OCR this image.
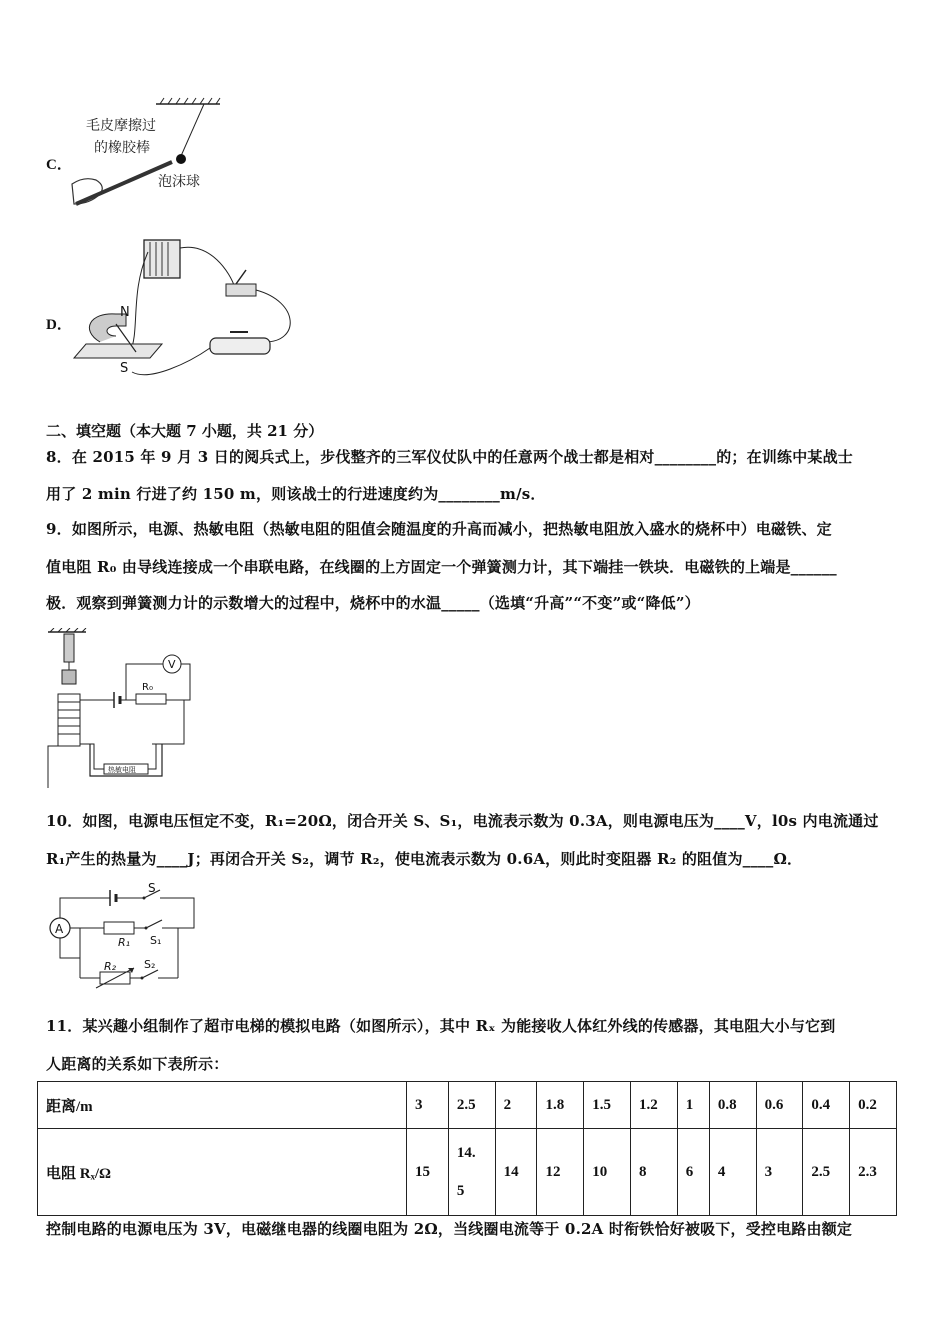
C．
毛皮摩擦过
的橡胶棒
泡沫球
D．
N
S
二、填空题（本大题 7 小题，共 21 分）
8．在 2015 年 9 月 3 日的阅兵式上，步伐整齐的三军仪仗队中的任意两个战士都是相对________的；在训练中某战士
用了 2 min 行进了约 150 m，则该战士的行进速度约为________m/s．
9．如图所示，电源、热敏电阻（热敏电阻的阻值会随温度的升高而减小，把热敏电阻放入盛水的烧杯中）电磁铁、定
值电阻 R₀ 由导线连接成一个串联电路，在线圈的上方固定一个弹簧测力计，其下端挂一铁块．电磁铁的上端是______
极．观察到弹簧测力计的示数增大的过程中，烧杯中的水温_____（选填“升高”“不变”或“降低”）
R₀
V
热敏电阻
10．如图，电源电压恒定不变，R₁=20Ω，闭合开关 S、S₁，电流表示数为 0.3A，则电源电压为____V，l0s 内电流通过
R₁产生的热量为____J；再闭合开关 S₂，调节 R₂，使电流表示数为 0.6A，则此时变阻器 R₂ 的阻值为____Ω．
A
S
R₁ S₁
R₂	S₂
11．某兴趣小组制作了超市电梯的模拟电路（如图所示），其中 Rₓ 为能接收人体红外线的传感器，其电阻大小与它到
人距离的关系如下表所示：
距离/m	3	2.5	2	1.8	1.5	1.2	1	0.8	0.6	0.4	0.2
电阻 Rₓ/Ω	15	14.
5	14	12	10	8	6	4	3	2.5	2.3
控制电路的电源电压为 3V，电磁继电器的线圈电阻为 2Ω，当线圈电流等于 0.2A 时衔铁恰好被吸下，受控电路由额定
